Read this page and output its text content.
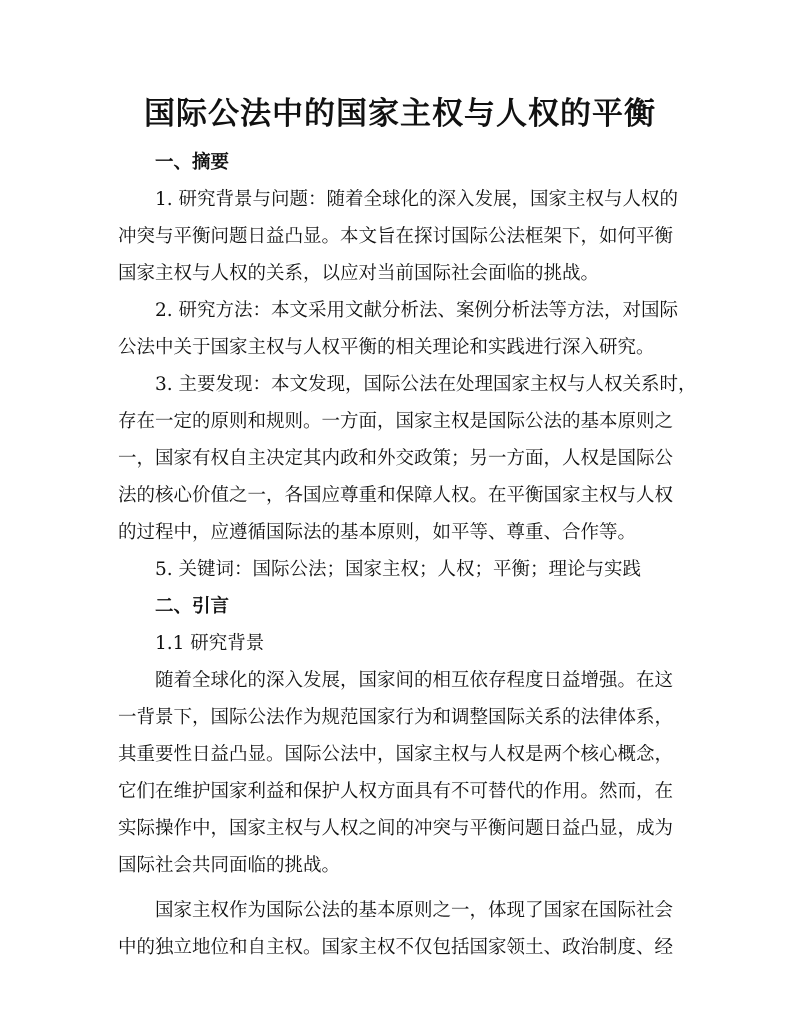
国际公法中的国家主权与人权的平衡
一、摘要
1. 研究背景与问题：随着全球化的深入发展，国家主权与人权的
冲突与平衡问题日益凸显。本文旨在探讨国际公法框架下，如何平衡
国家主权与人权的关系，以应对当前国际社会面临的挑战。
2. 研究方法：本文采用文献分析法、案例分析法等方法，对国际
公法中关于国家主权与人权平衡的相关理论和实践进行深入研究。
3. 主要发现：本文发现，国际公法在处理国家主权与人权关系时，
存在一定的原则和规则。一方面，国家主权是国际公法的基本原则之
一，国家有权自主决定其内政和外交政策；另一方面，人权是国际公
法的核心价值之一，各国应尊重和保障人权。在平衡国家主权与人权
的过程中，应遵循国际法的基本原则，如平等、尊重、合作等。
5. 关键词：国际公法；国家主权；人权；平衡；理论与实践
二、引言
1.1 研究背景
随着全球化的深入发展，国家间的相互依存程度日益增强。在这
一背景下，国际公法作为规范国家行为和调整国际关系的法律体系，
其重要性日益凸显。国际公法中，国家主权与人权是两个核心概念，
它们在维护国家利益和保护人权方面具有不可替代的作用。然而，在
实际操作中，国家主权与人权之间的冲突与平衡问题日益凸显，成为
国际社会共同面临的挑战。
国家主权作为国际公法的基本原则之一，体现了国家在国际社会
中的独立地位和自主权。国家主权不仅包括国家领土、政治制度、经
